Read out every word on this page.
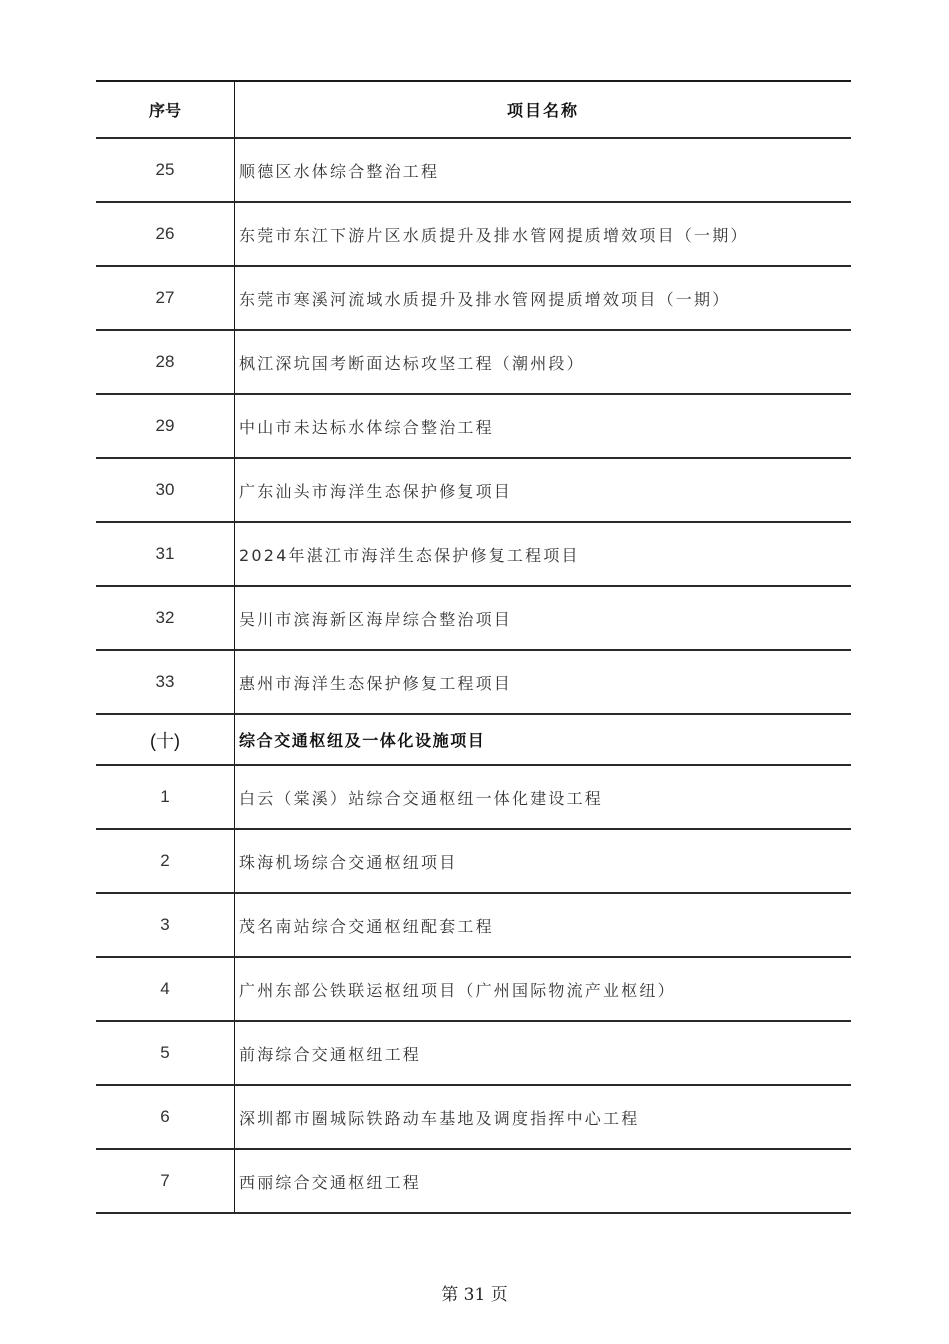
序号	项目名称
25	顺德区水体综合整治工程
26	东莞市东江下游片区水质提升及排水管网提质增效项目（一期）
27	东莞市寒溪河流域水质提升及排水管网提质增效项目（一期）
28	枫江深坑国考断面达标攻坚工程（潮州段）
29	中山市未达标水体综合整治工程
30	广东汕头市海洋生态保护修复项目
31	2024年湛江市海洋生态保护修复工程项目
32	吴川市滨海新区海岸综合整治项目
33	惠州市海洋生态保护修复工程项目
(十)	综合交通枢纽及一体化设施项目
1	白云（棠溪）站综合交通枢纽一体化建设工程
2	珠海机场综合交通枢纽项目
3	茂名南站综合交通枢纽配套工程
4	广州东部公铁联运枢纽项目（广州国际物流产业枢纽）
5	前海综合交通枢纽工程
6	深圳都市圈城际铁路动车基地及调度指挥中心工程
7	西丽综合交通枢纽工程
第 31 页
